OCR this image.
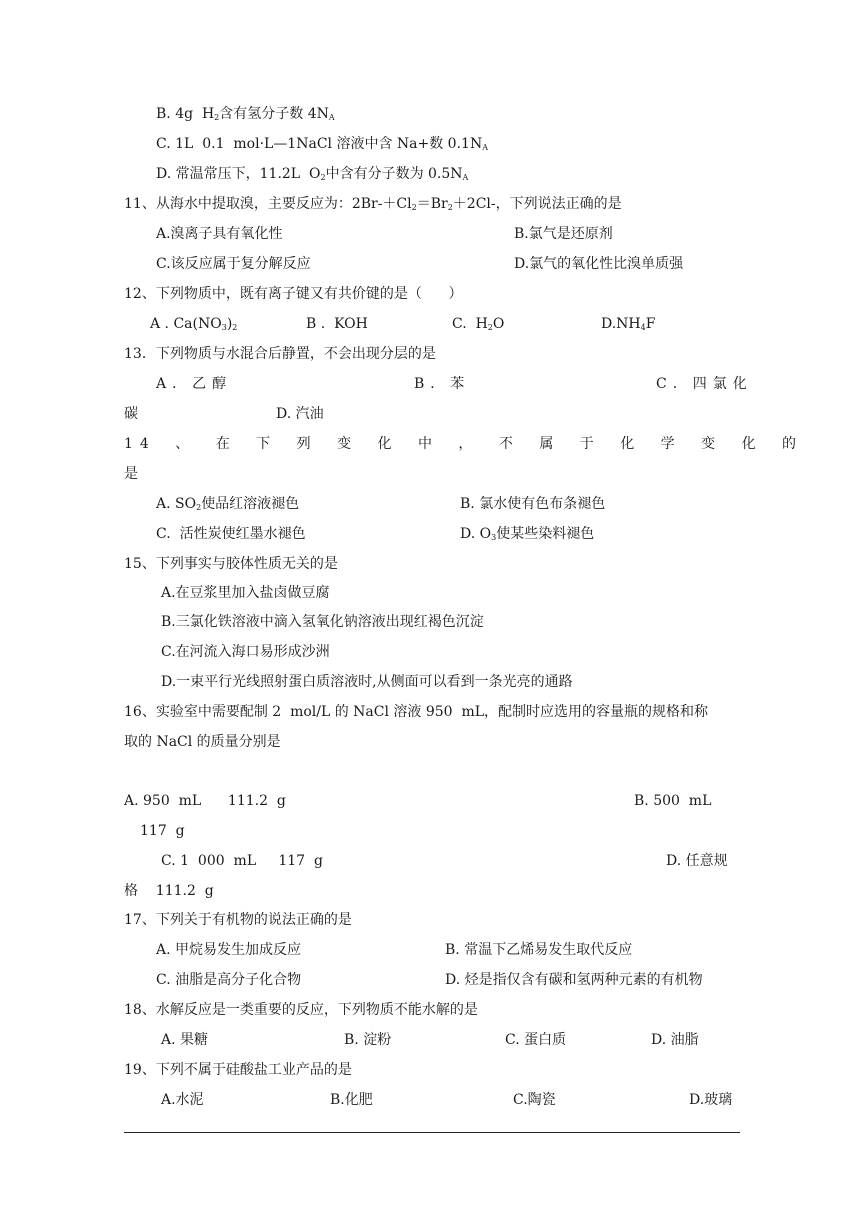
B. 4g  $H_2$含有氢分子数 $4N_A$
C. 1L  0.1  mol·L—1NaCl 溶液中含 Na+数 $0.1N_A$
D. 常温常压下，11.2L  $O_2$中含有分子数为 $0.5N_A$
11、从海水中提取溴，主要反应为：$2Br-+Cl_2=Br_2+2Cl-$，下列说法正确的是
A.溴离子具有氧化性	B.氯气是还原剂
C.该反应属于复分解反应	D.氯气的氧化性比溴单质强
12、下列物质中，既有离子键又有共价键的是（      ）
A . $Ca(NO_3)_2$	B .  KOH	C.  $H_2O$	$D.NH_4F$
13．下列物质与水混合后静置，不会出现分层的是
A．乙醇	B．苯	C．四氯化
碳	D. 汽油
14 、 在 下 列 变 化 中 ， 不 属 于 化 学 变 化 的
是
A. $SO_2$使品红溶液褪色	B. 氯水使有色布条褪色
C.  活性炭使红墨水褪色	D. $O_3$使某些染料褪色
15、下列事实与胶体性质无关的是
A.在豆浆里加入盐卤做豆腐
B.三氯化铁溶液中滴入氢氧化钠溶液出现红褐色沉淀
C.在河流入海口易形成沙洲
D.一束平行光线照射蛋白质溶液时,从侧面可以看到一条光亮的通路
16、实验室中需要配制 2  mol/L 的 NaCl 溶液 950  mL，配制时应选用的容量瓶的规格和称
取的 NaCl 的质量分别是
A. 950  mL      111.2  g	B. 500  mL
117  g
C. 1  000  mL     117  g	D. 任意规
格    111.2  g
17、下列关于有机物的说法正确的是
A. 甲烷易发生加成反应	B. 常温下乙烯易发生取代反应
C. 油脂是高分子化合物	D. 烃是指仅含有碳和氢两种元素的有机物
18、水解反应是一类重要的反应，下列物质不能水解的是
A. 果糖	B. 淀粉	C. 蛋白质	D. 油脂
19、下列不属于硅酸盐工业产品的是
A.水泥	B.化肥	C.陶瓷	D.玻璃
